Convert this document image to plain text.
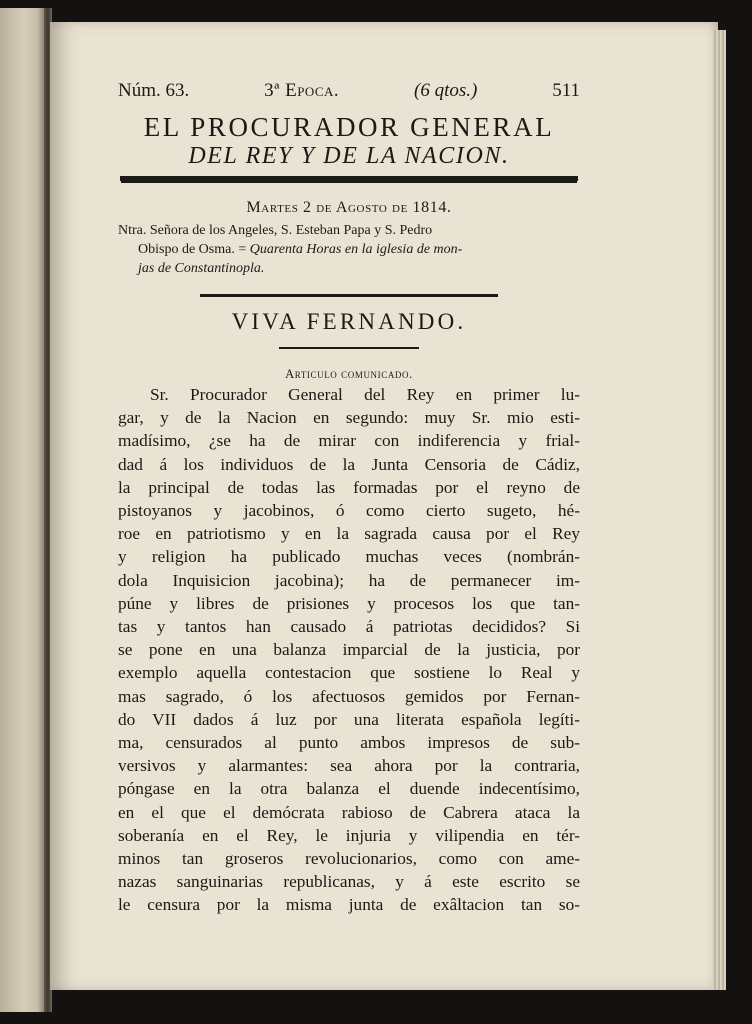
Núm. 63.	3ª Epoca.	(6 qtos.)	511
EL PROCURADOR GENERAL
DEL REY Y DE LA NACION.
Martes 2 de Agosto de 1814.
Ntra. Señora de los Angeles, S. Esteban Papa y S. Pedro
Obispo de Osma. = Quarenta Horas en la iglesia de mon-
jas de Constantinopla.
VIVA FERNANDO.
Articulo comunicado.
Sr. Procurador General del Rey en primer lu-
gar, y de la Nacion en segundo: muy Sr. mio esti-
madísimo, ¿se ha de mirar con indiferencia y frial-
dad á los individuos de la Junta Censoria de Cádiz,
la principal de todas las formadas por el reyno de
pistoyanos y jacobinos, ó como cierto sugeto, hé-
roe en patriotismo y en la sagrada causa por el Rey
y religion ha publicado muchas veces (nombrán-
dola Inquisicion jacobina); ha de permanecer im-
púne y libres de prisiones y procesos los que tan-
tas y tantos han causado á patriotas decididos? Si
se pone en una balanza imparcial de la justicia, por
exemplo aquella contestacion que sostiene lo Real y
mas sagrado, ó los afectuosos gemidos por Fernan-
do VII dados á luz por una literata española legíti-
ma, censurados al punto ambos impresos de sub-
versivos y alarmantes: sea ahora por la contraria,
póngase en la otra balanza el duende indecentísimo,
en el que el demócrata rabioso de Cabrera ataca la
soberanía en el Rey, le injuria y vilipendia en tér-
minos tan groseros revolucionarios, como con ame-
nazas sanguinarias republicanas, y á este escrito se
le censura por la misma junta de exâltacion tan so-
